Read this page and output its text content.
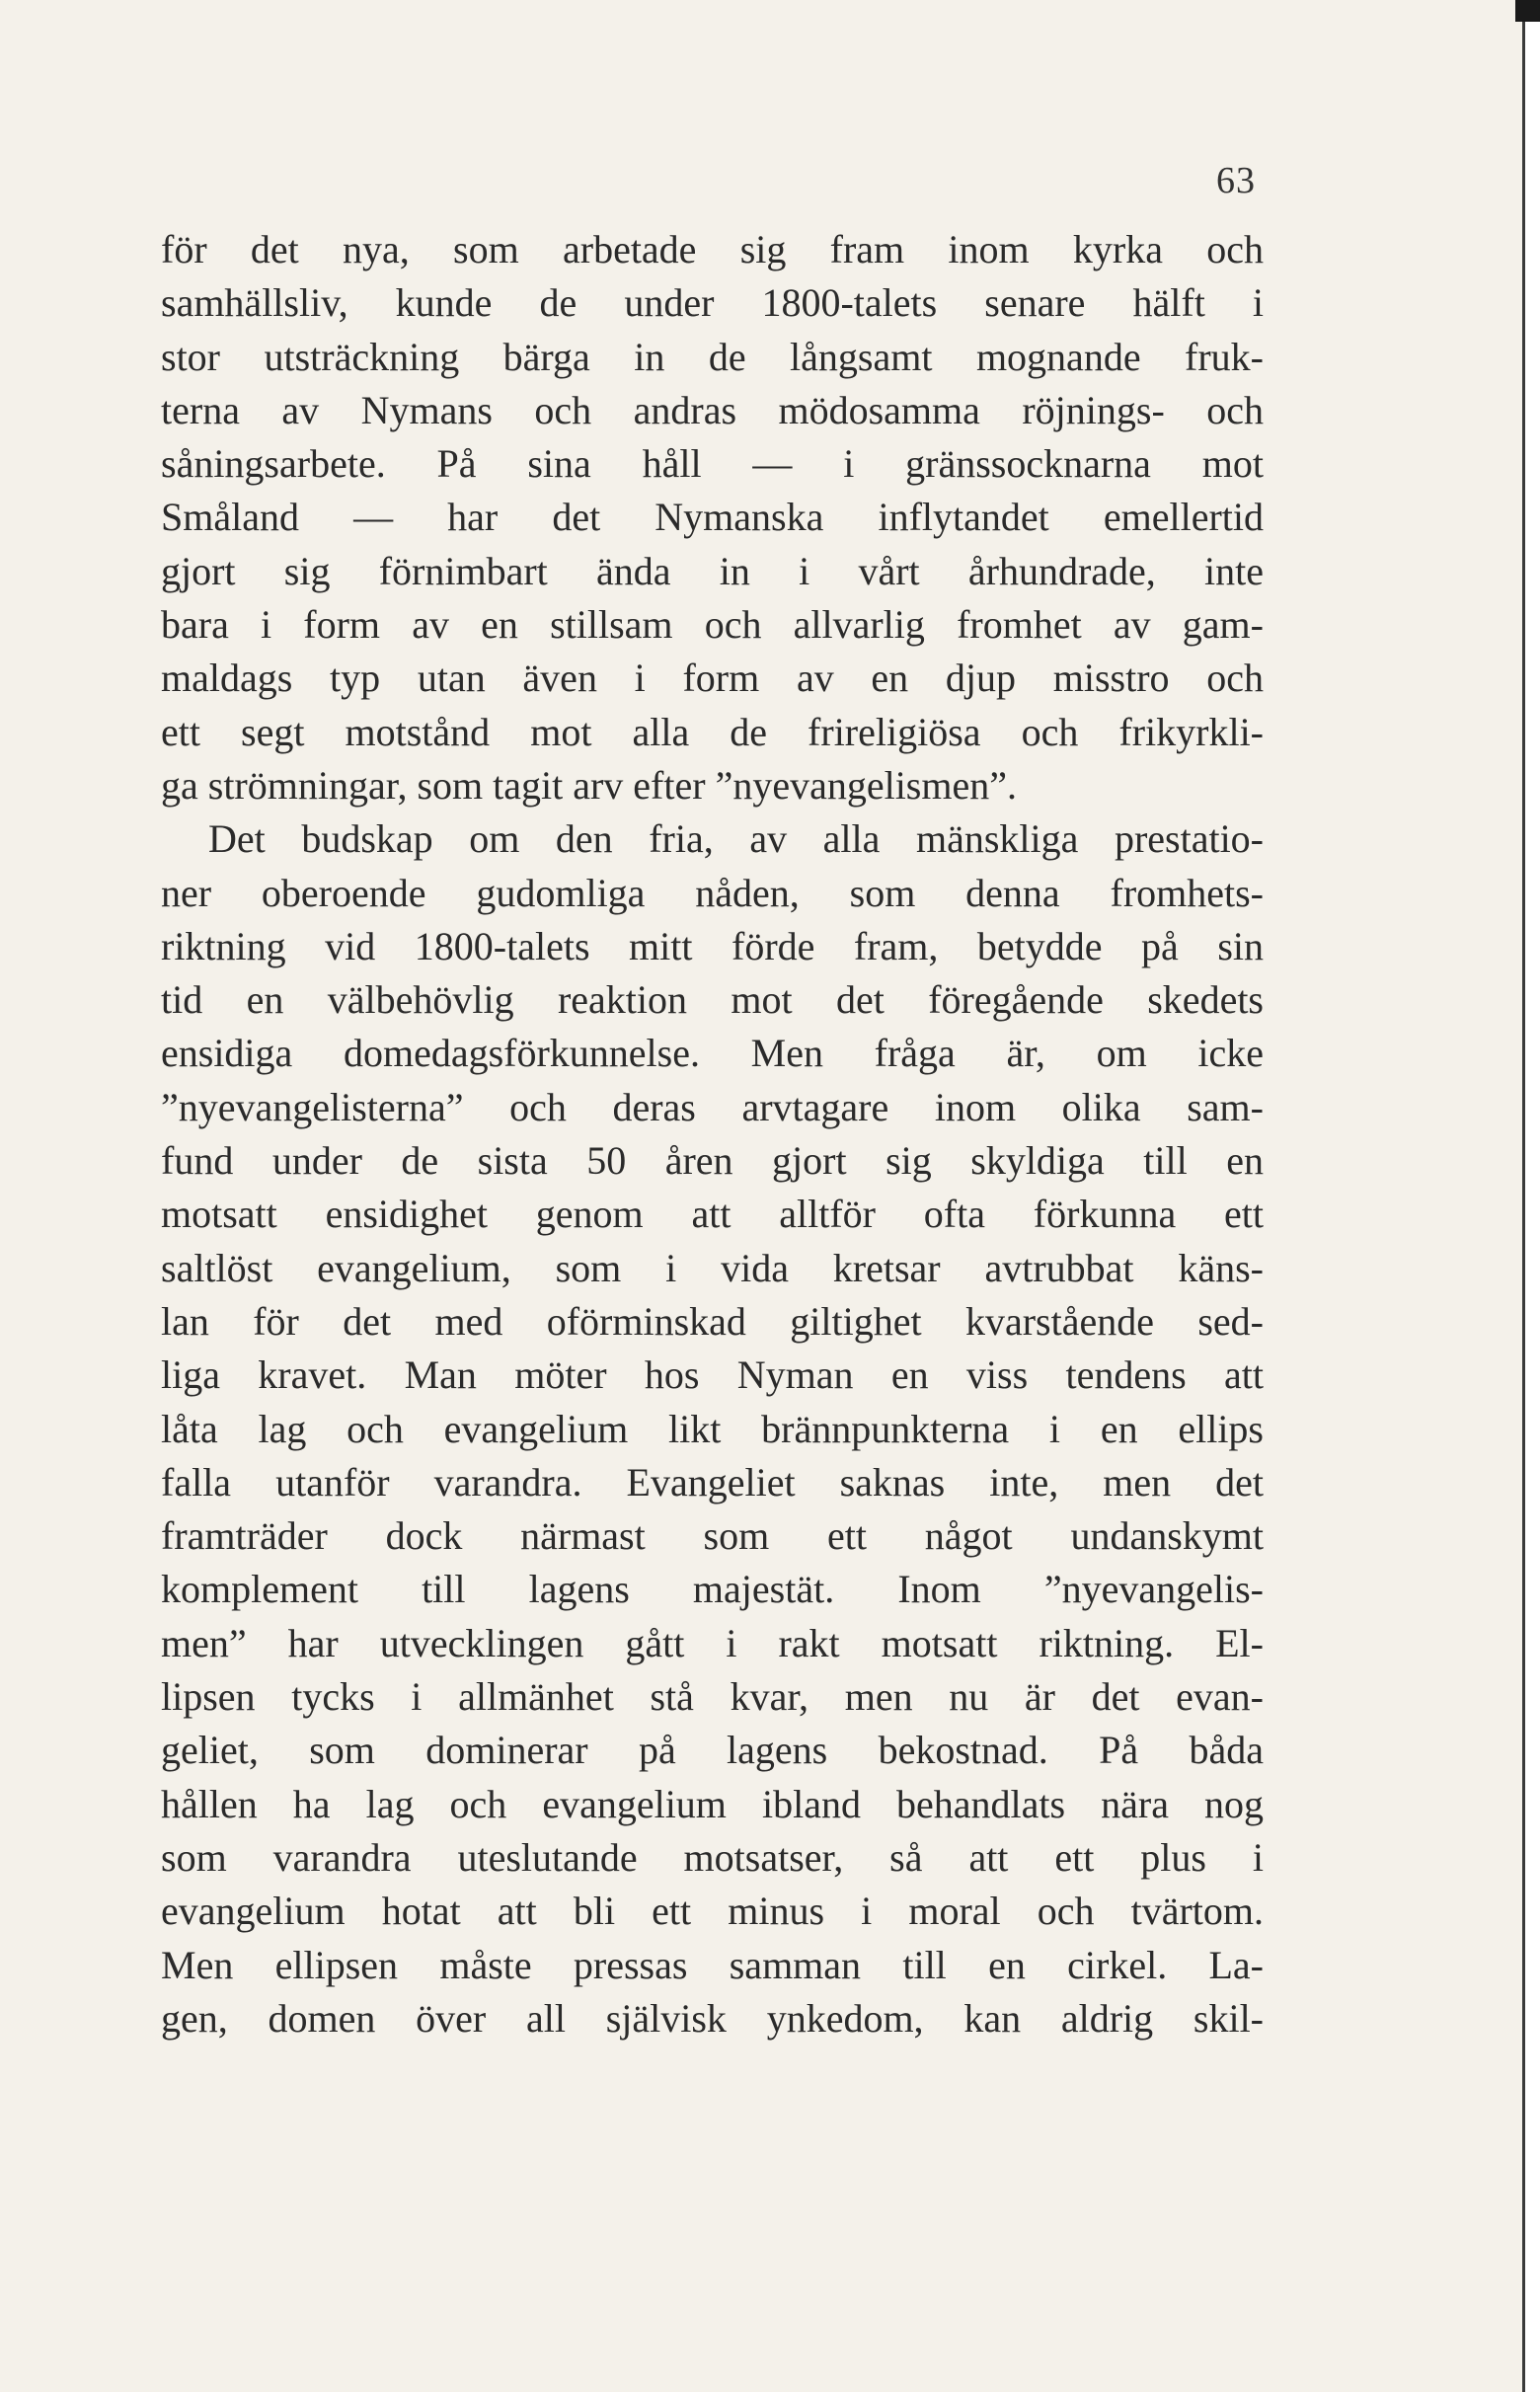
63
för det nya, som arbetade sig fram inom kyrka och
samhällsliv, kunde de under 1800-talets senare hälft i
stor utsträckning bärga in de långsamt mognande fruk-
terna av Nymans och andras mödosamma röjnings- och
såningsarbete. På sina håll — i gränssocknarna mot
Småland — har det Nymanska inflytandet emellertid
gjort sig förnimbart ända in i vårt århundrade, inte
bara i form av en stillsam och allvarlig fromhet av gam-
maldags typ utan även i form av en djup misstro och
ett segt motstånd mot alla de frireligiösa och frikyrkli-
ga strömningar, som tagit arv efter ”nyevangelismen”.
Det budskap om den fria, av alla mänskliga prestatio-
ner oberoende gudomliga nåden, som denna fromhets-
riktning vid 1800-talets mitt förde fram, betydde på sin
tid en välbehövlig reaktion mot det föregående skedets
ensidiga domedagsförkunnelse. Men fråga är, om icke
”nyevangelisterna” och deras arvtagare inom olika sam-
fund under de sista 50 åren gjort sig skyldiga till en
motsatt ensidighet genom att alltför ofta förkunna ett
saltlöst evangelium, som i vida kretsar avtrubbat käns-
lan för det med oförminskad giltighet kvarstående sed-
liga kravet. Man möter hos Nyman en viss tendens att
låta lag och evangelium likt brännpunkterna i en ellips
falla utanför varandra. Evangeliet saknas inte, men det
framträder dock närmast som ett något undanskymt
komplement till lagens majestät. Inom ”nyevangelis-
men” har utvecklingen gått i rakt motsatt riktning. El-
lipsen tycks i allmänhet stå kvar, men nu är det evan-
geliet, som dominerar på lagens bekostnad. På båda
hållen ha lag och evangelium ibland behandlats nära nog
som varandra uteslutande motsatser, så att ett plus i
evangelium hotat att bli ett minus i moral och tvärtom.
Men ellipsen måste pressas samman till en cirkel. La-
gen, domen över all självisk ynkedom, kan aldrig skil-
